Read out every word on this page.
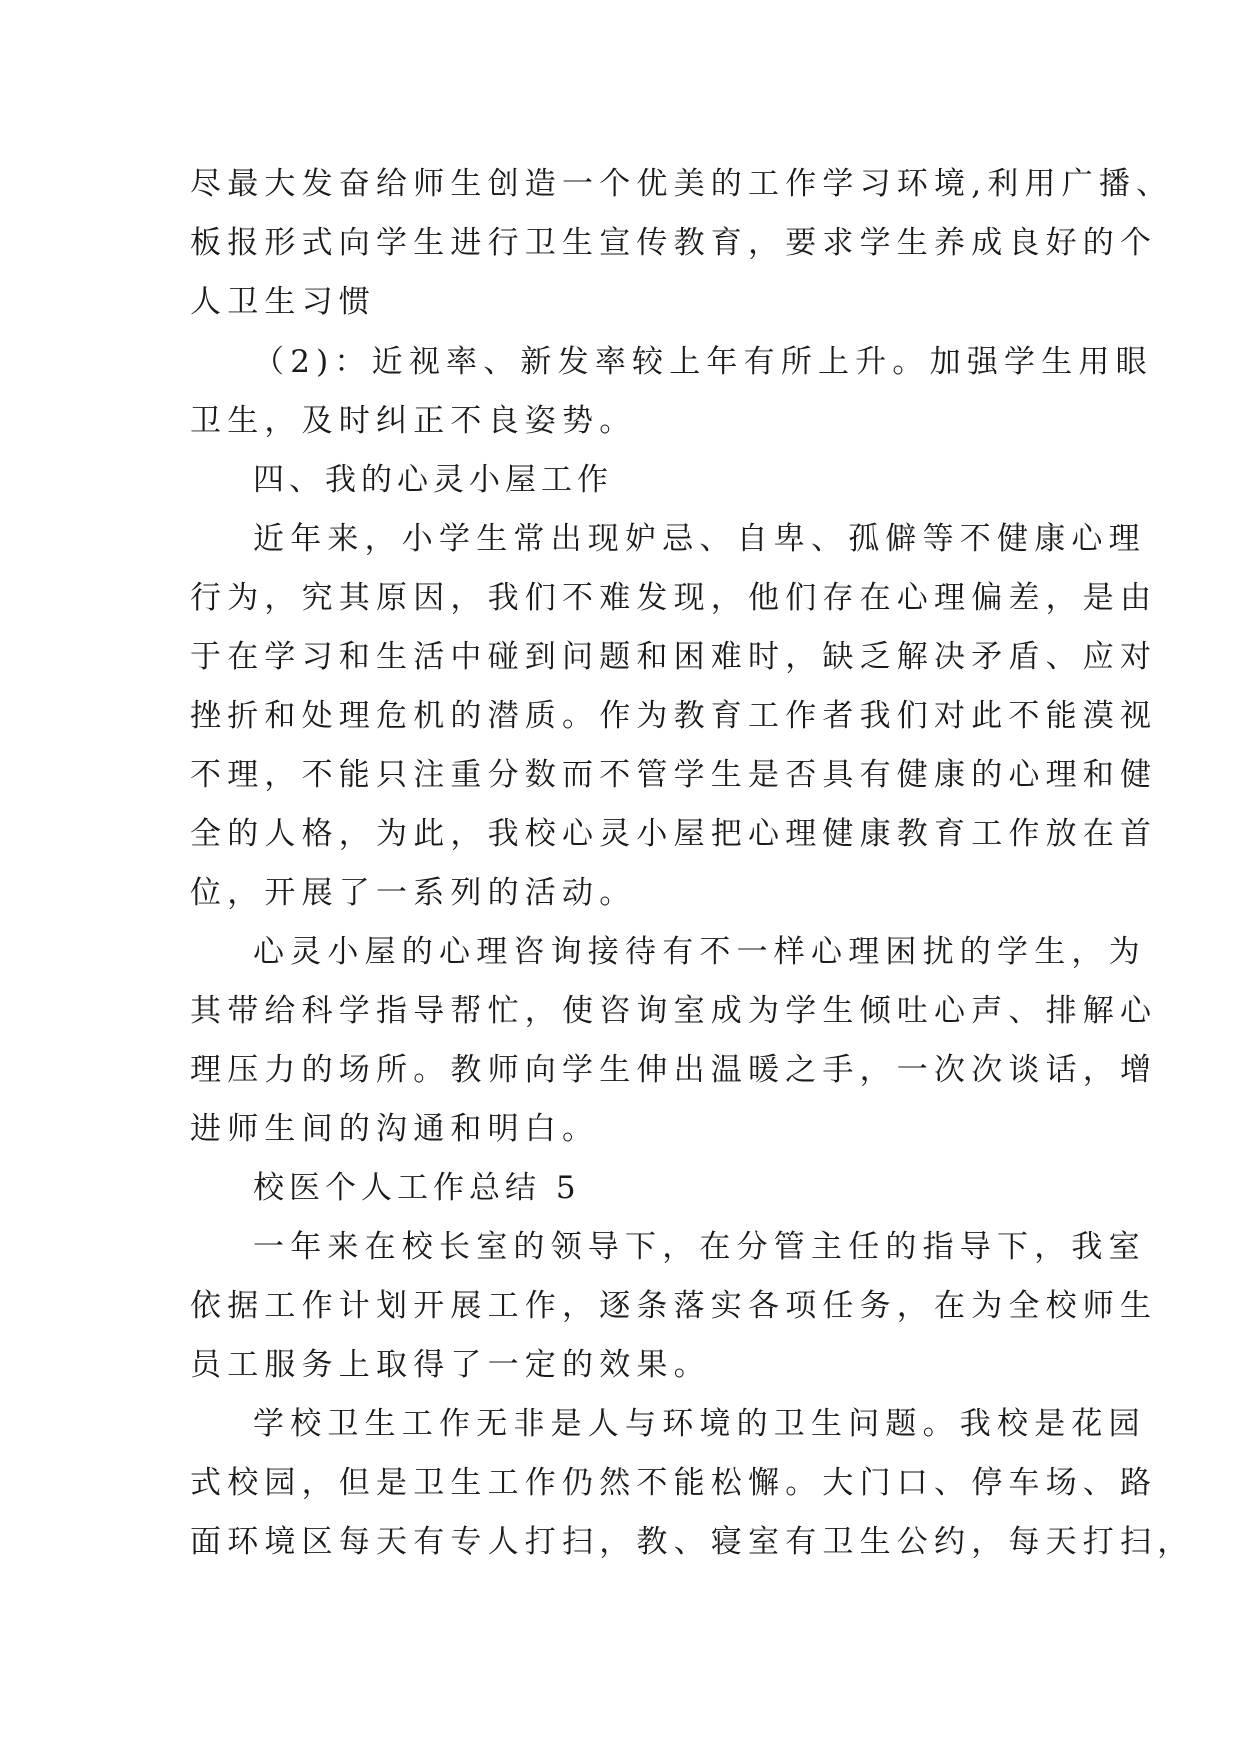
尽最大发奋给师生创造一个优美的工作学习环境,利用广播、
板报形式向学生进行卫生宣传教育，要求学生养成良好的个
人卫生习惯
（2)：近视率、新发率较上年有所上升。加强学生用眼
卫生，及时纠正不良姿势。
四、我的心灵小屋工作
近年来，小学生常出现妒忌、自卑、孤僻等不健康心理
行为，究其原因，我们不难发现，他们存在心理偏差，是由
于在学习和生活中碰到问题和困难时，缺乏解决矛盾、应对
挫折和处理危机的潜质。作为教育工作者我们对此不能漠视
不理，不能只注重分数而不管学生是否具有健康的心理和健
全的人格，为此，我校心灵小屋把心理健康教育工作放在首
位，开展了一系列的活动。
心灵小屋的心理咨询接待有不一样心理困扰的学生，为
其带给科学指导帮忙，使咨询室成为学生倾吐心声、排解心
理压力的场所。教师向学生伸出温暖之手，一次次谈话，增
进师生间的沟通和明白。
校医个人工作总结 5
一年来在校长室的领导下，在分管主任的指导下，我室
依据工作计划开展工作，逐条落实各项任务，在为全校师生
员工服务上取得了一定的效果。
学校卫生工作无非是人与环境的卫生问题。我校是花园
式校园，但是卫生工作仍然不能松懈。大门口、停车场、路
面环境区每天有专人打扫，教、寝室有卫生公约，每天打扫，
